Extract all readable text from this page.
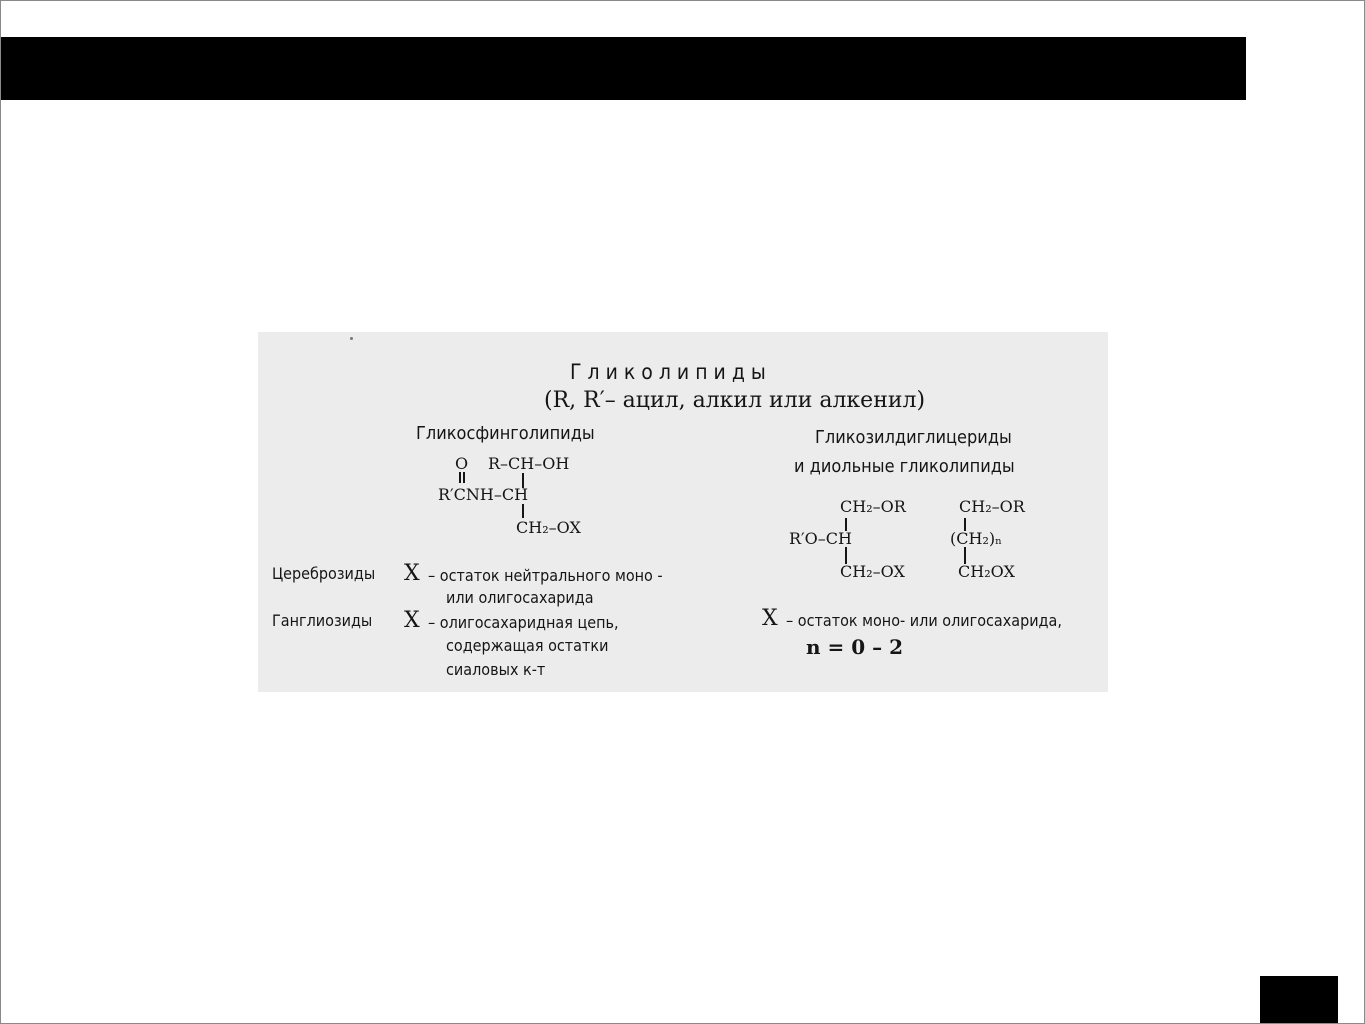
Г л и к о л и п и д ы
(R, R′– ацил, алкил или алкенил)
Гликосфинголипиды
O R–CH–OH
R′CNH–CH
CH₂–OX
Цереброзиды X – остаток нейтрального моно -
или олигосахарида
Ганглиозиды X – олигосахаридная цепь,
содержащая остатки
сиаловых к-т
Гликозилдиглицериды
и диольные гликолипиды
CH₂–OR
R′O–CH
CH₂–OX
CH₂–OR
(CH₂)ₙ
CH₂OX
X – остаток моно- или олигосахарида,
n = 0 – 2
